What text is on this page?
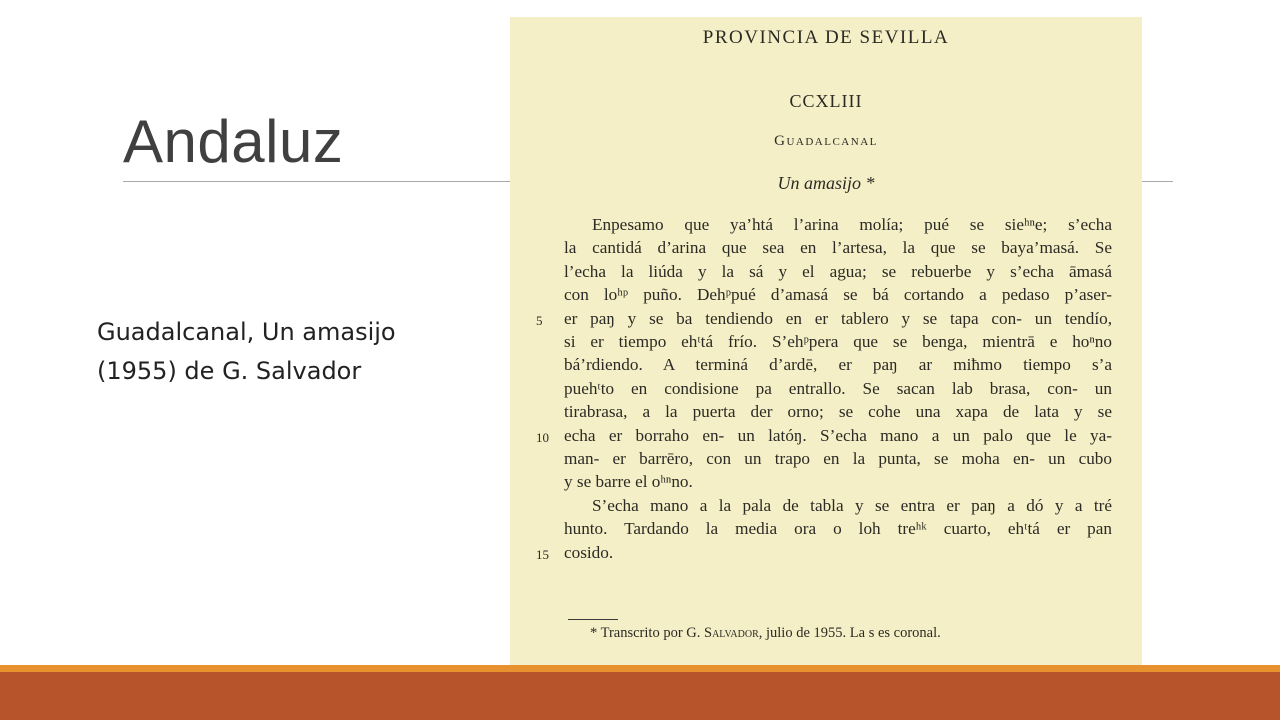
Andaluz
Guadalcanal, Un amasijo (1955) de G. Salvador
PROVINCIA DE SEVILLA
CCXLIII
Guadalcanal
Un amasijo *
Enpesamo que ya’htá l’arina molía; pué se sieʰⁿe; s’echa
la cantidá d’arina que sea en l’artesa, la que se baya’masá. Se
l’echa la liúda y la sá y el agua; se rebuerbe y s’echa āmasá
con loʰᵖ puño. Dehᵖpué d’amasá se bá cortando a pedaso p’aser-
er paŋ y se ba tendiendo en er tablero y se tapa con- un tendío,
si er tiempo ehᵗtá frío. S’ehᵖpera que se benga, mientrā e hoⁿno
bá’rdiendo. A terminá d’ardē, er paŋ ar miħmo tiempo s’a
puehᵗto en condisione pa entrallo. Se sacan lab brasa, con- un
tirabrasa, a la puerta der orno; se cohe una xapa de lata y se
echa er borraho en- un latóŋ. S’echa mano a un palo que le ya-
man- er barrēro, con un trapo en la punta, se moha en- un cubo
y se barre el oʰⁿno.
S’echa mano a la pala de tabla y se entra er paŋ a dó y a tré
hunto. Tardando la media ora o loh treʰᵏ cuarto, ehᵗtá er pan
cosido.
5
10
15
* Transcrito por G. Salvador, julio de 1955. La s es coronal.
